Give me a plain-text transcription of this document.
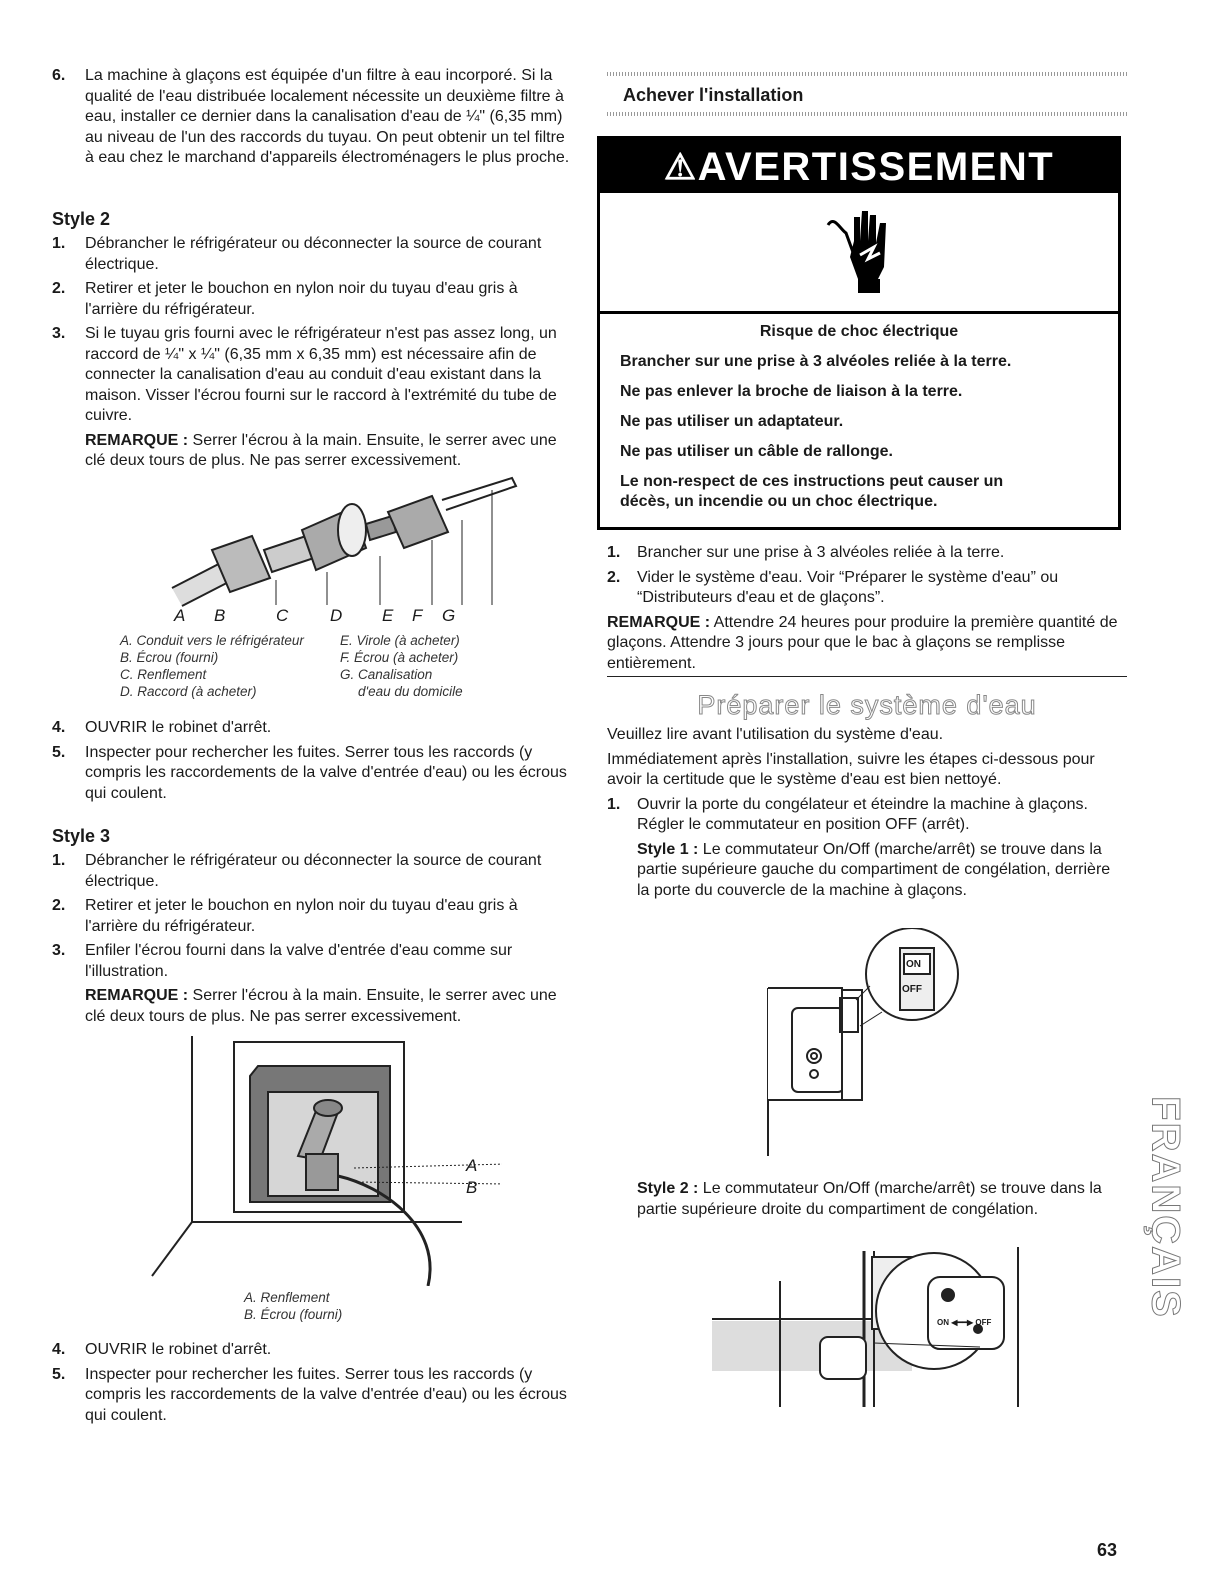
6. La machine à glaçons est équipée d'un filtre à eau incorporé. Si la qualité de l'eau distribuée localement nécessite un deuxième filtre à eau, installer ce dernier dans la canalisation d'eau de ¼" (6,35 mm) au niveau de l'un des raccords du tuyau. On peut obtenir un tel filtre à eau chez le marchand d'appareils électroménagers le plus proche.
Style 2
1. Débrancher le réfrigérateur ou déconnecter la source de courant électrique.
2. Retirer et jeter le bouchon en nylon noir du tuyau d'eau gris à l'arrière du réfrigérateur.
3. Si le tuyau gris fourni avec le réfrigérateur n'est pas assez long, un raccord de ¼" x ¼" (6,35 mm x 6,35 mm) est nécessaire afin de connecter la canalisation d'eau au conduit d'eau existant dans la maison. Visser l'écrou fourni sur le raccord à l'extrémité du tube de cuivre.
REMARQUE : Serrer l'écrou à la main. Ensuite, le serrer avec une clé deux tours de plus. Ne pas serrer excessivement.
A B	C D E F G
A. Conduit vers le réfrigérateur
B. Écrou (fourni)
C. Renflement
D. Raccord (à acheter)
E. Virole (à acheter)
F. Écrou (à acheter)
G. Canalisation
d'eau du domicile
4. OUVRIR le robinet d'arrêt.
5. Inspecter pour rechercher les fuites. Serrer tous les raccords (y compris les raccordements de la valve d'entrée d'eau) ou les écrous qui coulent.
Style 3
1. Débrancher le réfrigérateur ou déconnecter la source de courant électrique.
2. Retirer et jeter le bouchon en nylon noir du tuyau d'eau gris à l'arrière du réfrigérateur.
3. Enfiler l'écrou fourni dans la valve d'entrée d'eau comme sur l'illustration.
REMARQUE : Serrer l'écrou à la main. Ensuite, le serrer avec une clé deux tours de plus. Ne pas serrer excessivement.
A
B
A. Renflement
B. Écrou (fourni)
4. OUVRIR le robinet d'arrêt.
5. Inspecter pour rechercher les fuites. Serrer tous les raccords (y compris les raccordements de la valve d'entrée d'eau) ou les écrous qui coulent.
Achever l'installation
⚠AVERTISSEMENT

Risque de choc électrique

Brancher sur une prise à 3 alvéoles reliée à la terre.

Ne pas enlever la broche de liaison à la terre.

Ne pas utiliser un adaptateur.

Ne pas utiliser un câble de rallonge.

Le non-respect de ces instructions peut causer un décès, un incendie ou un choc électrique.

1. Brancher sur une prise à 3 alvéoles reliée à la terre.
2. Vider le système d'eau. Voir “Préparer le système d'eau” ou “Distributeurs d'eau et de glaçons”.
REMARQUE : Attendre 24 heures pour produire la première quantité de glaçons. Attendre 3 jours pour que le bac à glaçons se remplisse entièrement.
Préparer le système d'eau
Veuillez lire avant l'utilisation du système d'eau.
Immédiatement après l'installation, suivre les étapes ci-dessous pour avoir la certitude que le système d'eau est bien nettoyé.
1. Ouvrir la porte du congélateur et éteindre la machine à glaçons. Régler le commutateur en position OFF (arrêt).
Style 1 : Le commutateur On/Off (marche/arrêt) se trouve dans la partie supérieure gauche du compartiment de congélation, derrière la porte du couvercle de la machine à glaçons.
ON
OFF
Style 2 : Le commutateur On/Off (marche/arrêt) se trouve dans la partie supérieure droite du compartiment de congélation.
ON ◀━━▶ OFF
FRANÇAIS
63
